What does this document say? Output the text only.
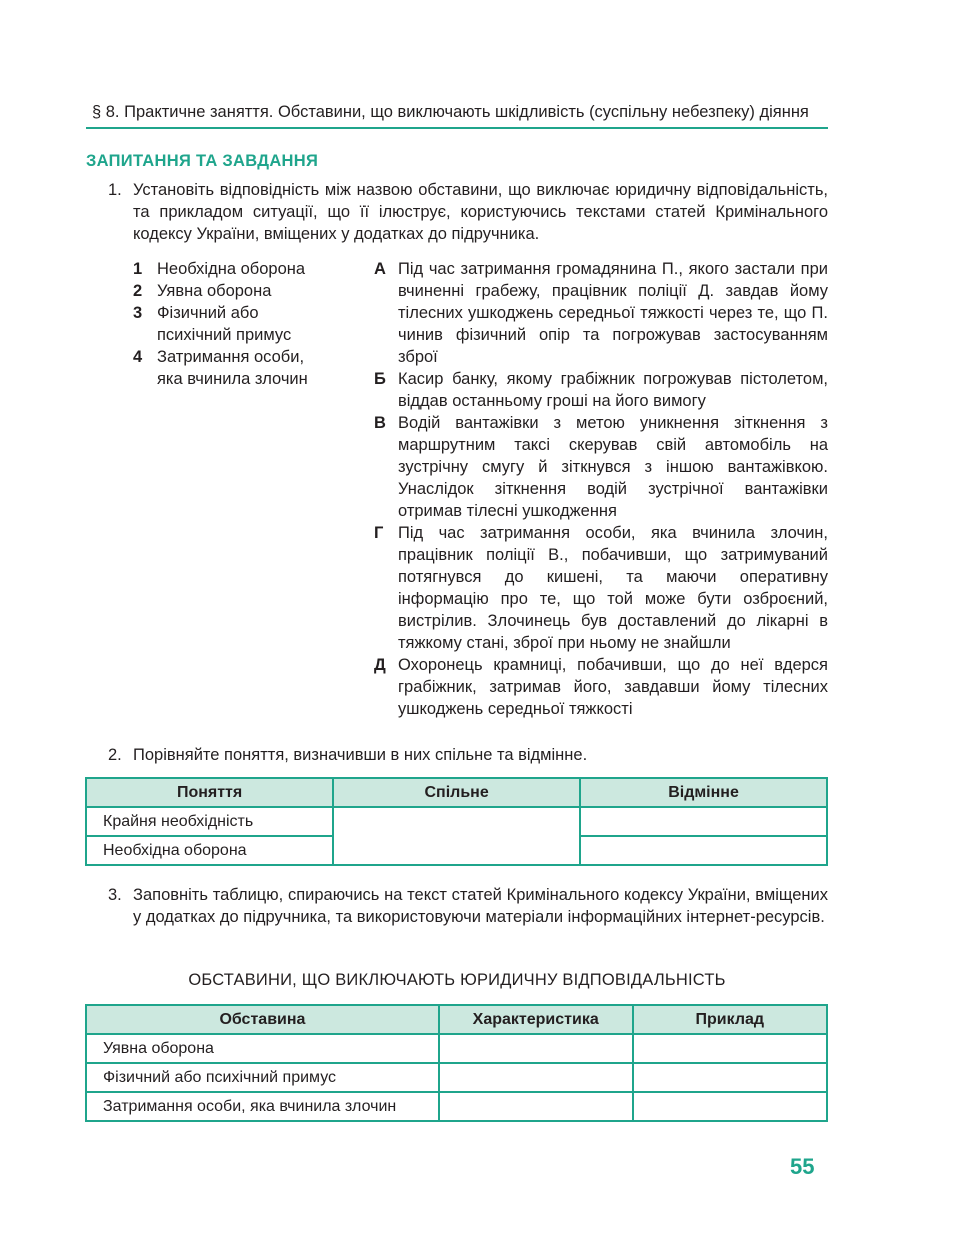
§ 8. Практичне заняття. Обставини, що виключають шкідливість (суспільну небезпеку) діяння
ЗАПИТАННЯ ТА ЗАВДАННЯ
1. Установіть відповідність між назвою обставини, що виключає юридичну відповідальність, та прикладом ситуації, що її ілюструє, користуючись текстами статей Кримінального кодексу України, вміщених у додатках до підручника.
1 Необхідна оборона
2 Уявна оборона
3 Фізичний або психічний примус
4 Затримання особи, яка вчинила злочин
А Під час затримання громадянина П., якого застали при вчиненні грабежу, працівник поліції Д. завдав йому тілесних ушкоджень середньої тяжкості через те, що П. чинив фізичний опір та погрожував застосуванням зброї
Б Касир банку, якому грабіжник погрожував пістолетом, віддав останньому гроші на його вимогу
В Водій вантажівки з метою уникнення зіткнення з маршрутним таксі скерував свій автомобіль на зустрічну смугу й зіткнувся з іншою вантажівкою. Унаслідок зіткнення водій зустрічної вантажівки отримав тілесні ушкодження
Г Під час затримання особи, яка вчинила злочин, працівник поліції В., побачивши, що затримуваний потягнувся до кишені, та маючи оперативну інформацію про те, що той може бути озброєний, вистрілив. Злочинець був доставлений до лікарні в тяжкому стані, зброї при ньому не знайшли
Д Охоронець крамниці, побачивши, що до неї вдерся грабіжник, затримав його, завдавши йому тілесних ушкоджень середньої тяжкості
2. Порівняйте поняття, визначивши в них спільне та відмінне.
Поняття	Спільне	Відмінне
Крайня необхідність		
Необхідна оборона		
3. Заповніть таблицю, спираючись на текст статей Кримінального кодексу України, вміщених у додатках до підручника, та використовуючи матеріали інформаційних інтернет-ресурсів.
ОБСТАВИНИ, ЩО ВИКЛЮЧАЮТЬ ЮРИДИЧНУ ВІДПОВІДАЛЬНІСТЬ
Обставина	Характеристика	Приклад
Уявна оборона		
Фізичний або психічний примус		
Затримання особи, яка вчинила злочин		
55
